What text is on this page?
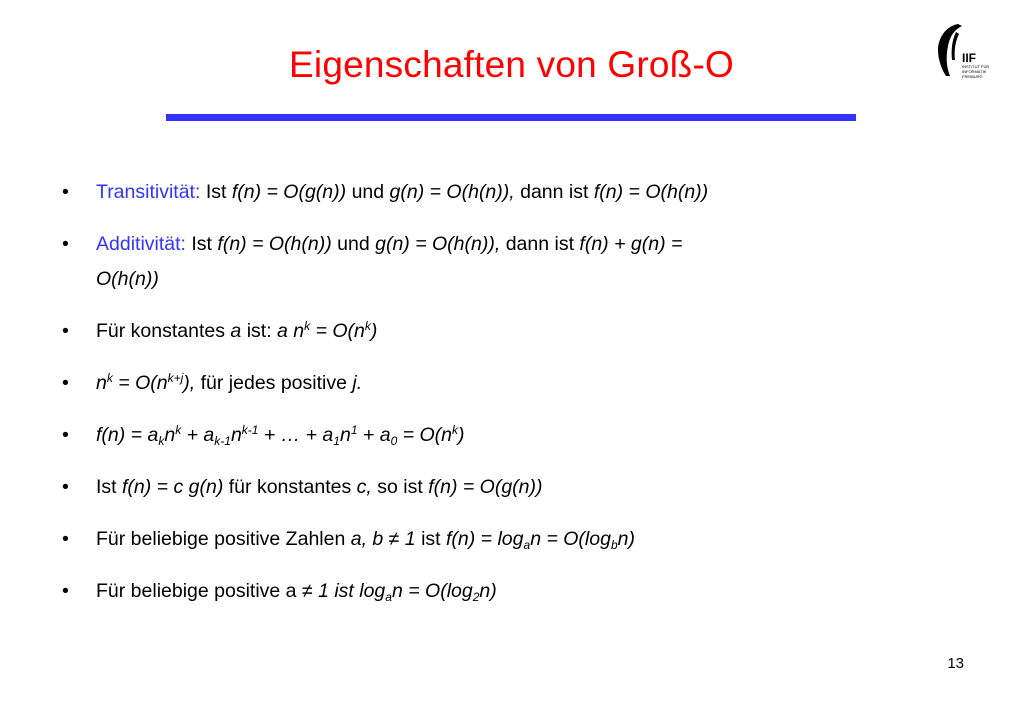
Eigenschaften von Groß-O	IIF
INSTITUT FÜR
INFORMATIK
FREIBURG
• Transitivität: Ist f(n) = O(g(n)) und g(n) = O(h(n)), dann ist f(n) = O(h(n))
• Additivität: Ist f(n) = O(h(n)) und g(n) = O(h(n)), dann ist f(n) + g(n) =
O(h(n))
• Für konstantes a ist: a $n^k = O(n^k)$
• $n^k = O(n^{k+j})$, für jedes positive j.
• $f(n) = a_kn^k + a_{k-1}n^{k-1}$ + … + $a_1n^1 + a_0 = O(n^k)$
• Ist f(n) = c g(n) für konstantes c, so ist f(n) = O(g(n))
• Für beliebige positive Zahlen a, b ≠ 1 ist $f(n) = \log_an = O(\log_bn)$
• Für beliebige positive a ≠ 1 ist $\log_an = O(\log_2n)$
13
